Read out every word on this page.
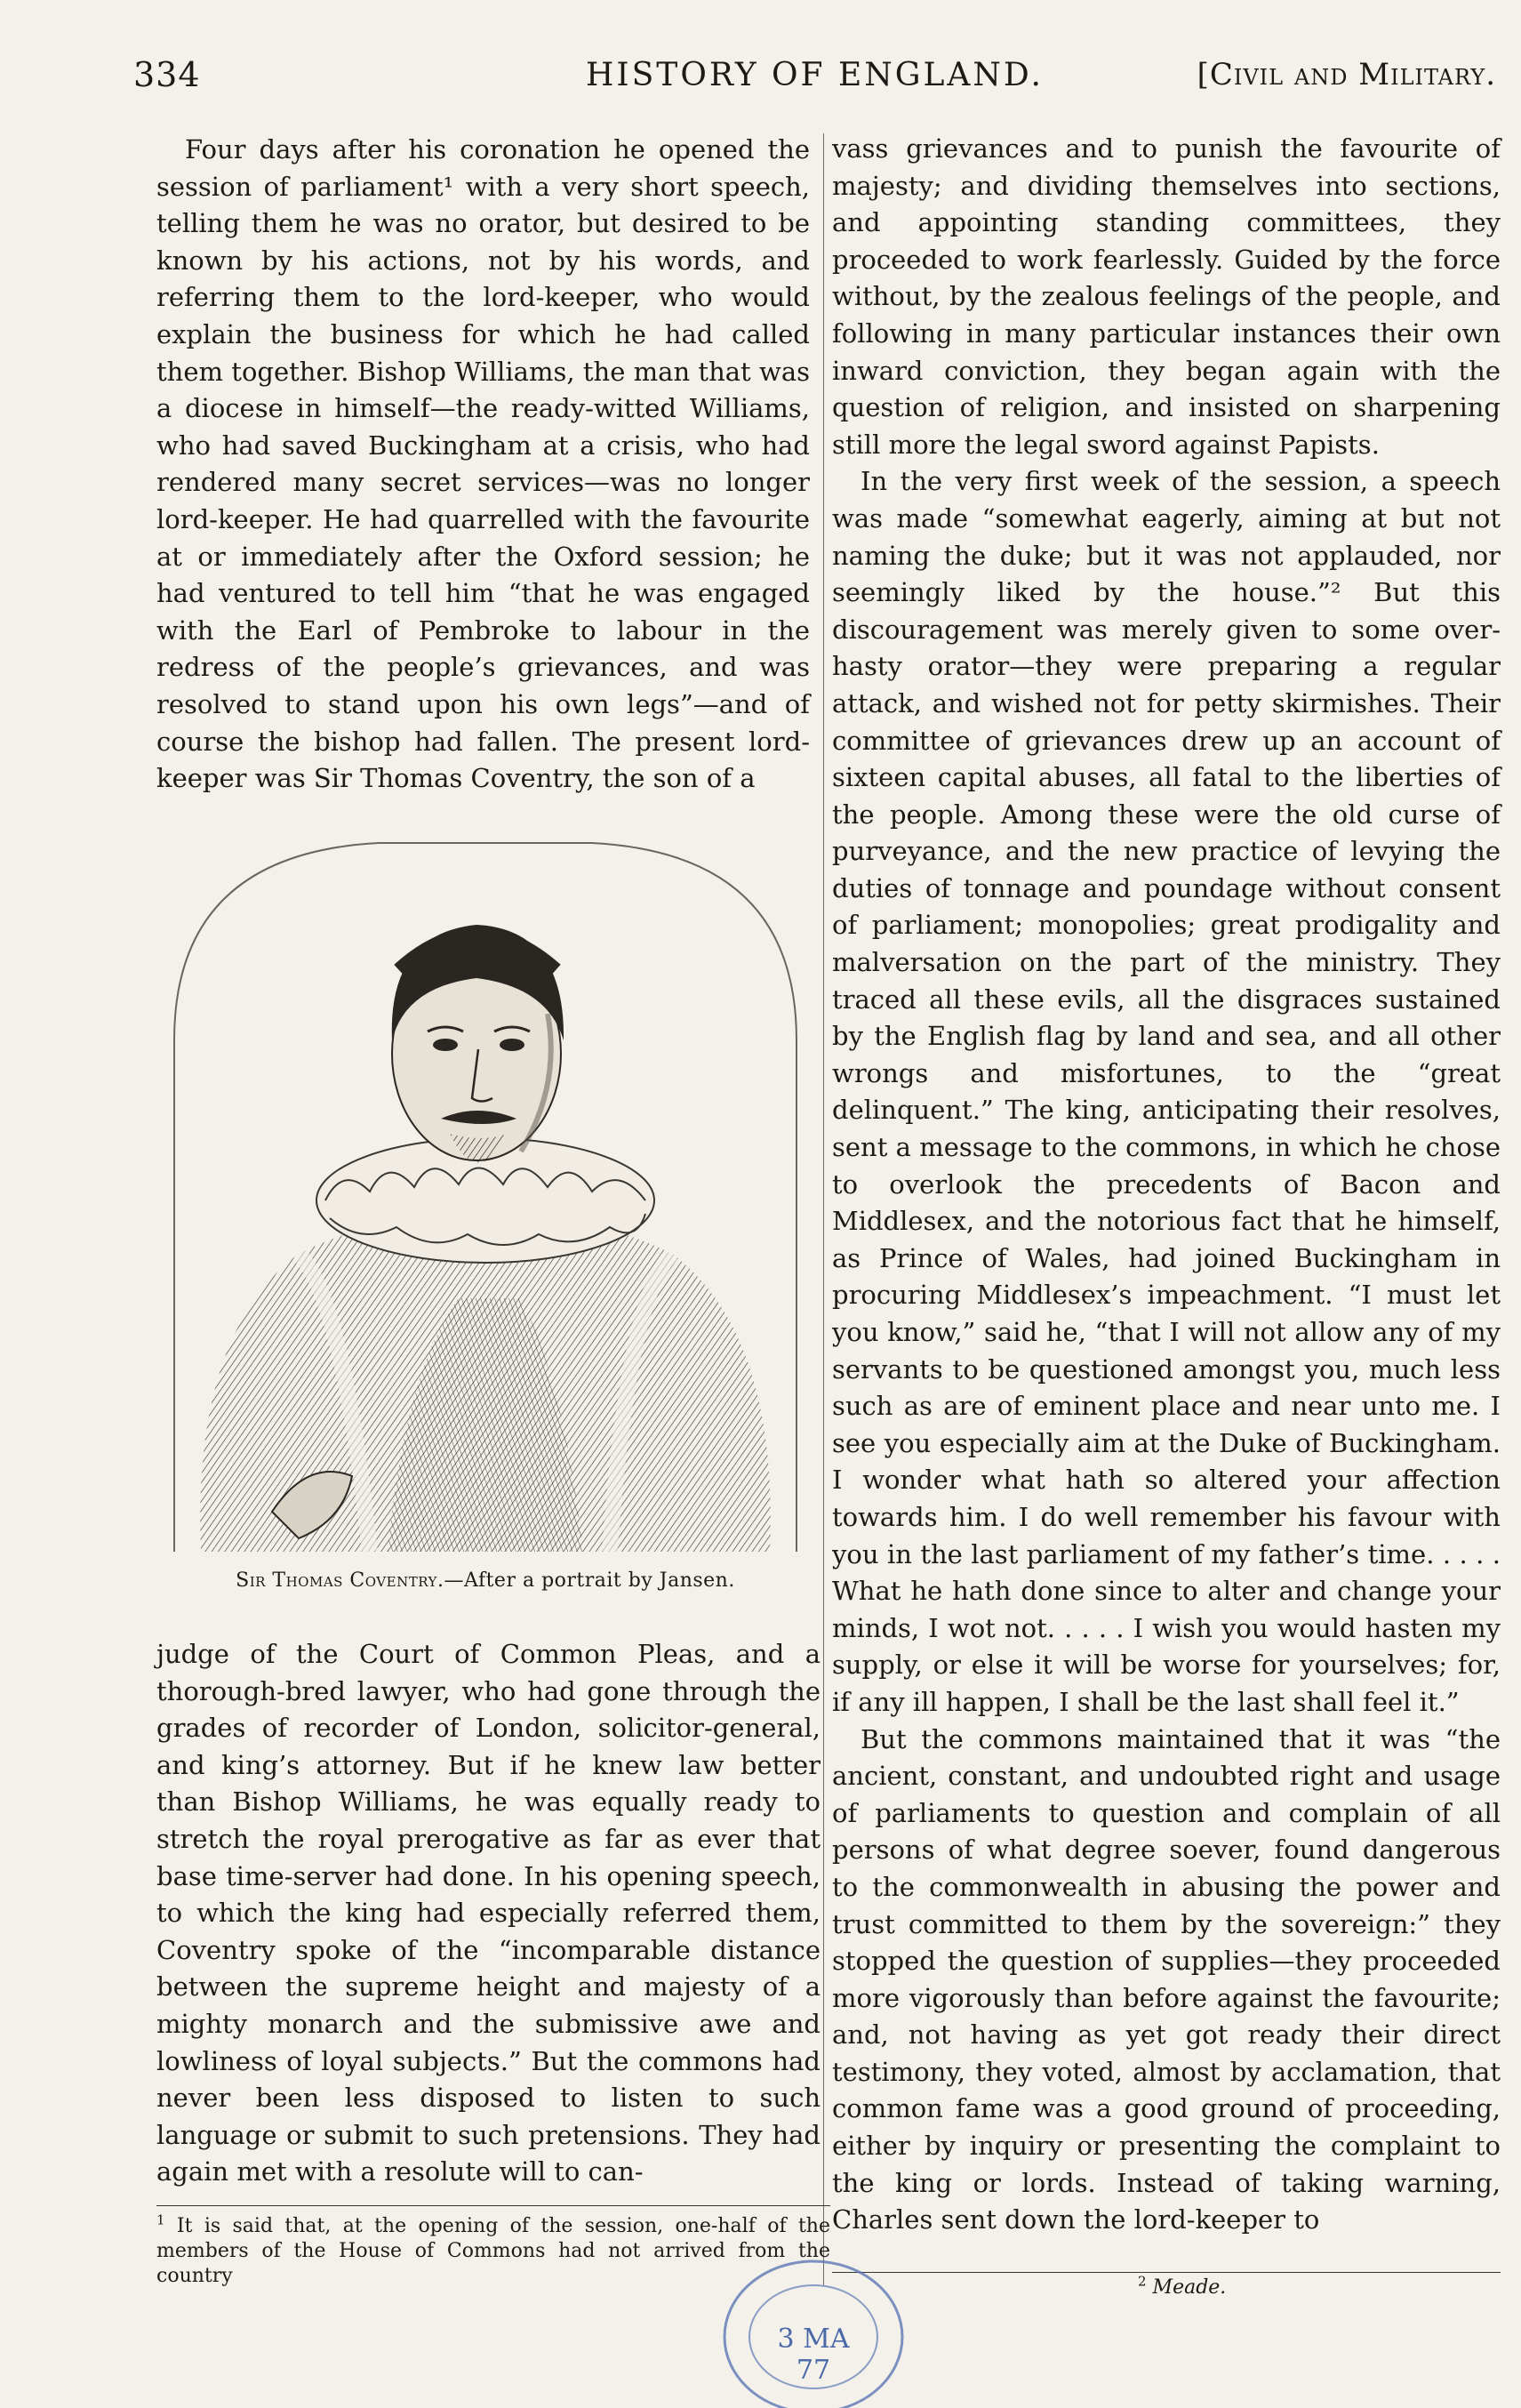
334	HISTORY OF ENGLAND.	[Civil and Military.

Four days after his coronation he opened the session of parliament¹ with a very short speech, telling them he was no orator, but desired to be known by his actions, not by his words, and referring them to the lord-keeper, who would explain the business for which he had called them together. Bishop Williams, the man that was a diocese in himself—the ready-witted Williams, who had saved Buckingham at a crisis, who had rendered many secret services—was no longer lord-keeper. He had quarrelled with the favourite at or immediately after the Oxford session; he had ventured to tell him “that he was engaged with the Earl of Pembroke to labour in the redress of the people’s grievances, and was resolved to stand upon his own legs”—and of course the bishop had fallen. The present lord-keeper was Sir Thomas Coventry, the son of a

Sir Thomas Coventry.—After a portrait by Jansen.

judge of the Court of Common Pleas, and a thorough-bred lawyer, who had gone through the grades of recorder of London, solicitor-general, and king’s attorney. But if he knew law better than Bishop Williams, he was equally ready to stretch the royal prerogative as far as ever that base time-server had done. In his opening speech, to which the king had especially referred them, Coventry spoke of the “incomparable distance between the supreme height and majesty of a mighty monarch and the submissive awe and lowliness of loyal subjects.” But the commons had never been less disposed to listen to such language or submit to such pretensions. They had again met with a resolute will to can-

vass grievances and to punish the favourite of majesty; and dividing themselves into sections, and appointing standing committees, they proceeded to work fearlessly. Guided by the force without, by the zealous feelings of the people, and following in many particular instances their own inward conviction, they began again with the question of religion, and insisted on sharpening still more the legal sword against Papists.

In the very first week of the session, a speech was made “somewhat eagerly, aiming at but not naming the duke; but it was not applauded, nor seemingly liked by the house.”² But this discouragement was merely given to some over-hasty orator—they were preparing a regular attack, and wished not for petty skirmishes. Their committee of grievances drew up an account of sixteen capital abuses, all fatal to the liberties of the people. Among these were the old curse of purveyance, and the new practice of levying the duties of tonnage and poundage without consent of parliament; monopolies; great prodigality and malversation on the part of the ministry. They traced all these evils, all the disgraces sustained by the English flag by land and sea, and all other wrongs and misfortunes, to the “great delinquent.” The king, anticipating their resolves, sent a message to the commons, in which he chose to overlook the precedents of Bacon and Middlesex, and the notorious fact that he himself, as Prince of Wales, had joined Buckingham in procuring Middlesex’s impeachment. “I must let you know,” said he, “that I will not allow any of my servants to be questioned amongst you, much less such as are of eminent place and near unto me. I see you especially aim at the Duke of Buckingham. I wonder what hath so altered your affection towards him. I do well remember his favour with you in the last parliament of my father’s time. . . . . What he hath done since to alter and change your minds, I wot not. . . . . I wish you would hasten my supply, or else it will be worse for yourselves; for, if any ill happen, I shall be the last shall feel it.”

But the commons maintained that it was “the ancient, constant, and undoubted right and usage of parliaments to question and complain of all persons of what degree soever, found dangerous to the commonwealth in abusing the power and trust committed to them by the sovereign:” they stopped the question of supplies—they proceeded more vigorously than before against the favourite; and, not having as yet got ready their direct testimony, they voted, almost by acclamation, that common fame was a good ground of proceeding, either by inquiry or presenting the complaint to the king or lords. Instead of taking warning, Charles sent down the lord-keeper to

$^1$ It is said that, at the opening of the session, one-half of the members of the House of Commons had not arrived from the country	$^2$ Meade.
3 MA 77
